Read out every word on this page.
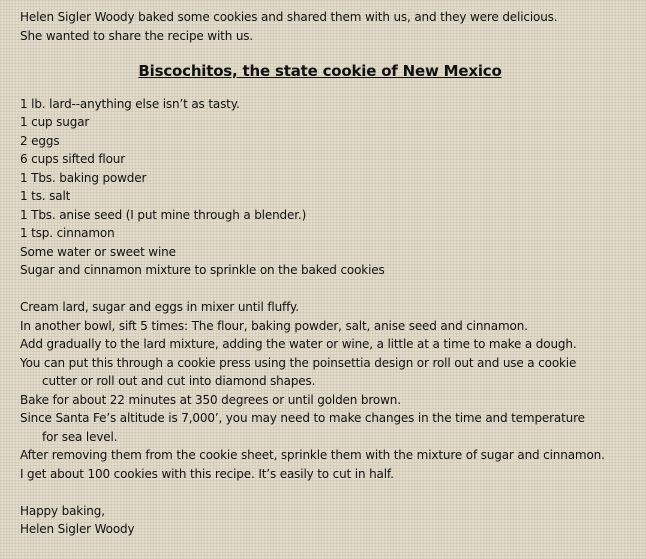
Helen Sigler Woody baked some cookies and shared them with us, and they were delicious.
She wanted to share the recipe with us.
Biscochitos, the state cookie of New Mexico
1 lb. lard--anything else isn’t as tasty.
1 cup sugar
2 eggs
6 cups sifted flour
1 Tbs. baking powder
1 ts. salt
1 Tbs. anise seed (I put mine through a blender.)
1 tsp. cinnamon
Some water or sweet wine
Sugar and cinnamon mixture to sprinkle on the baked cookies
Cream lard, sugar and eggs in mixer until fluffy.
In another bowl, sift 5 times: The flour, baking powder, salt, anise seed and cinnamon.
Add gradually to the lard mixture, adding the water or wine, a little at a time to make a dough.
You can put this through a cookie press using the poinsettia design or roll out and use a cookie
cutter or roll out and cut into diamond shapes.
Bake for about 22 minutes at 350 degrees or until golden brown.
Since Santa Fe’s altitude is 7,000’, you may need to make changes in the time and temperature
for sea level.
After removing them from the cookie sheet, sprinkle them with the mixture of sugar and cinnamon.
I get about 100 cookies with this recipe. It’s easily to cut in half.
Happy baking,
Helen Sigler Woody
